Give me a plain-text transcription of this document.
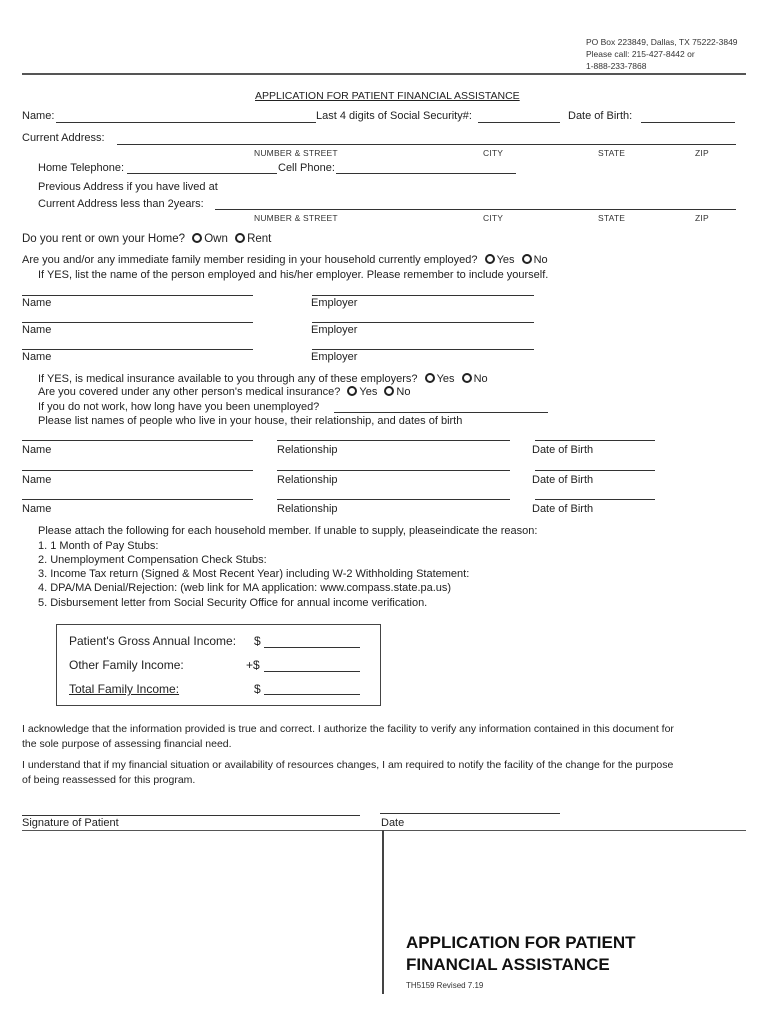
PO Box 223849, Dallas, TX 75222-3849
Please call: 215-427-8442 or
1-888-233-7868
APPLICATION FOR PATIENT FINANCIAL ASSISTANCE
Name:	Last 4 digits of Social Security#:	Date of Birth:
Current Address:
NUMBER & STREET	CITY	STATE	ZIP
Home Telephone:	Cell Phone:
Previous Address if you have lived at
Current Address less than 2years:
NUMBER & STREET	CITY	STATE	ZIP
Do you rent or own your Home? Own Rent
Are you and/or any immediate family member residing in your household currently employed? Yes No
If YES, list the name of the person employed and his/her employer. Please remember to include yourself.
Name	Employer
Name	Employer
Name	Employer
If YES, is medical insurance available to you through any of these employers? Yes No
Are you covered under any other person's medical insurance? Yes No
If you do not work, how long have you been unemployed?
Please list names of people who live in your house, their relationship, and dates of birth
Name	Relationship	Date of Birth
Name	Relationship	Date of Birth
Name	Relationship	Date of Birth
Please attach the following for each household member. If unable to supply, pleaseindicate the reason:
1. 1 Month of Pay Stubs:
2. Unemployment Compensation Check Stubs:
3. Income Tax return (Signed & Most Recent Year) including W-2 Withholding Statement:
4. DPA/MA Denial/Rejection: (web link for MA application: www.compass.state.pa.us)
5. Disbursement letter from Social Security Office for annual income verification.
Patient's Gross Annual Income: $
Other Family Income:	+$
Total Family Income:	$
I acknowledge that the information provided is true and correct. I authorize the facility to verify any information contained in this document for
the sole purpose of assessing financial need.
I understand that if my financial situation or availability of resources changes, I am required to notify the facility of the change for the purpose
of being reassessed for this program.
Signature of Patient	Date
APPLICATION FOR PATIENT
FINANCIAL ASSISTANCE
TH5159 Revised 7.19
